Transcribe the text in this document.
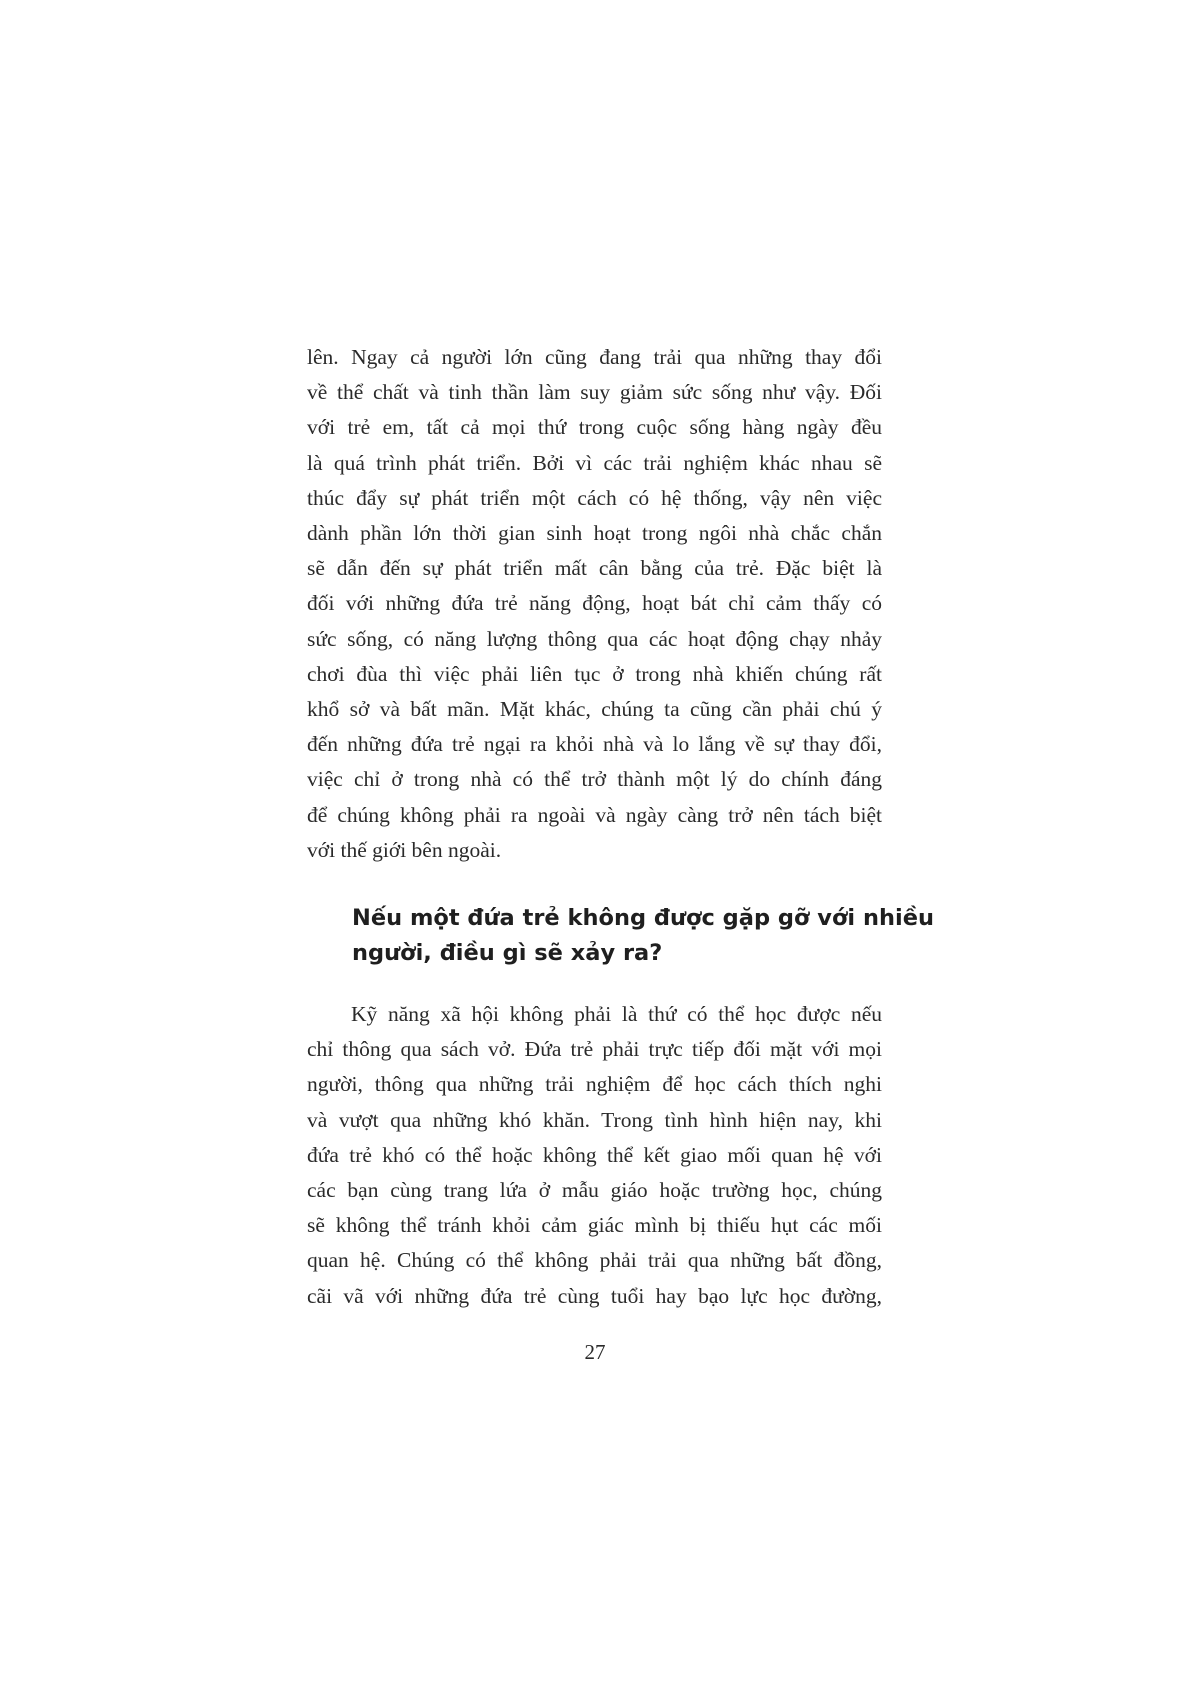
lên. Ngay cả người lớn cũng đang trải qua những thay đổi
về thể chất và tinh thần làm suy giảm sức sống như vậy. Đối
với trẻ em, tất cả mọi thứ trong cuộc sống hàng ngày đều
là quá trình phát triển. Bởi vì các trải nghiệm khác nhau sẽ
thúc đẩy sự phát triển một cách có hệ thống, vậy nên việc
dành phần lớn thời gian sinh hoạt trong ngôi nhà chắc chắn
sẽ dẫn đến sự phát triển mất cân bằng của trẻ. Đặc biệt là
đối với những đứa trẻ năng động, hoạt bát chỉ cảm thấy có
sức sống, có năng lượng thông qua các hoạt động chạy nhảy
chơi đùa thì việc phải liên tục ở trong nhà khiến chúng rất
khổ sở và bất mãn. Mặt khác, chúng ta cũng cần phải chú ý
đến những đứa trẻ ngại ra khỏi nhà và lo lắng về sự thay đổi,
việc chỉ ở trong nhà có thể trở thành một lý do chính đáng
để chúng không phải ra ngoài và ngày càng trở nên tách biệt
với thế giới bên ngoài.
Nếu một đứa trẻ không được gặp gỡ với nhiều
người, điều gì sẽ xảy ra?
Kỹ năng xã hội không phải là thứ có thể học được nếu
chỉ thông qua sách vở. Đứa trẻ phải trực tiếp đối mặt với mọi
người, thông qua những trải nghiệm để học cách thích nghi
và vượt qua những khó khăn. Trong tình hình hiện nay, khi
đứa trẻ khó có thể hoặc không thể kết giao mối quan hệ với
các bạn cùng trang lứa ở mẫu giáo hoặc trường học, chúng
sẽ không thể tránh khỏi cảm giác mình bị thiếu hụt các mối
quan hệ. Chúng có thể không phải trải qua những bất đồng,
cãi vã với những đứa trẻ cùng tuổi hay bạo lực học đường,
27
